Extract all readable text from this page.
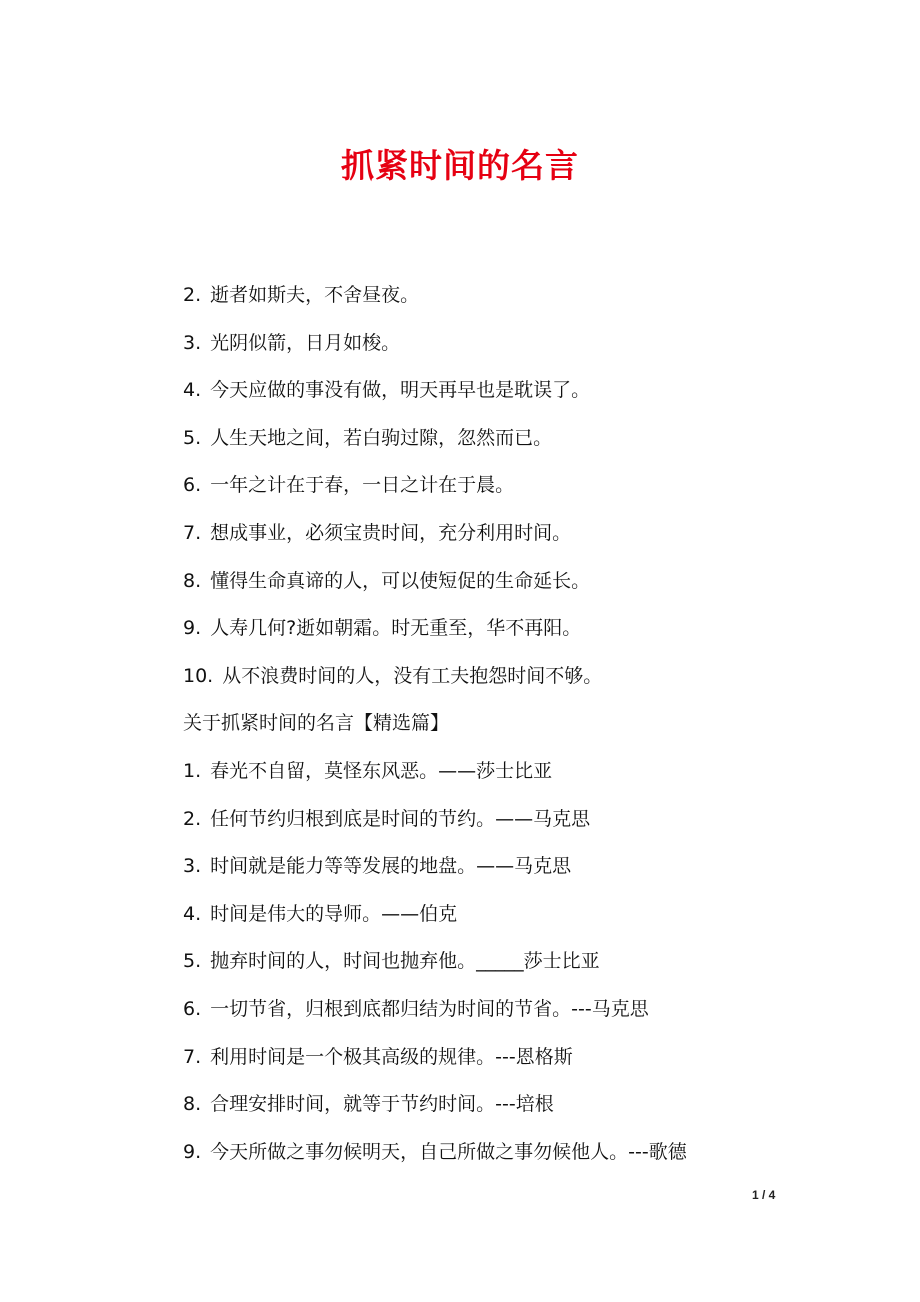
抓紧时间的名言
2. 逝者如斯夫，不舍昼夜。
3. 光阴似箭，日月如梭。
4. 今天应做的事没有做，明天再早也是耽误了。
5. 人生天地之间，若白驹过隙，忽然而已。
6. 一年之计在于春，一日之计在于晨。
7. 想成事业，必须宝贵时间，充分利用时间。
8. 懂得生命真谛的人，可以使短促的生命延长。
9. 人寿几何?逝如朝霜。时无重至，华不再阳。
10. 从不浪费时间的人，没有工夫抱怨时间不够。
关于抓紧时间的名言【精选篇】
1. 春光不自留，莫怪东风恶。——莎士比亚
2. 任何节约归根到底是时间的节约。——马克思
3. 时间就是能力等等发展的地盘。——马克思
4. 时间是伟大的导师。——伯克
5. 抛弃时间的人，时间也抛弃他。_____莎士比亚
6. 一切节省，归根到底都归结为时间的节省。---马克思
7. 利用时间是一个极其高级的规律。---恩格斯
8. 合理安排时间，就等于节约时间。---培根
9. 今天所做之事勿候明天，自己所做之事勿候他人。---歌德
1 / 4
